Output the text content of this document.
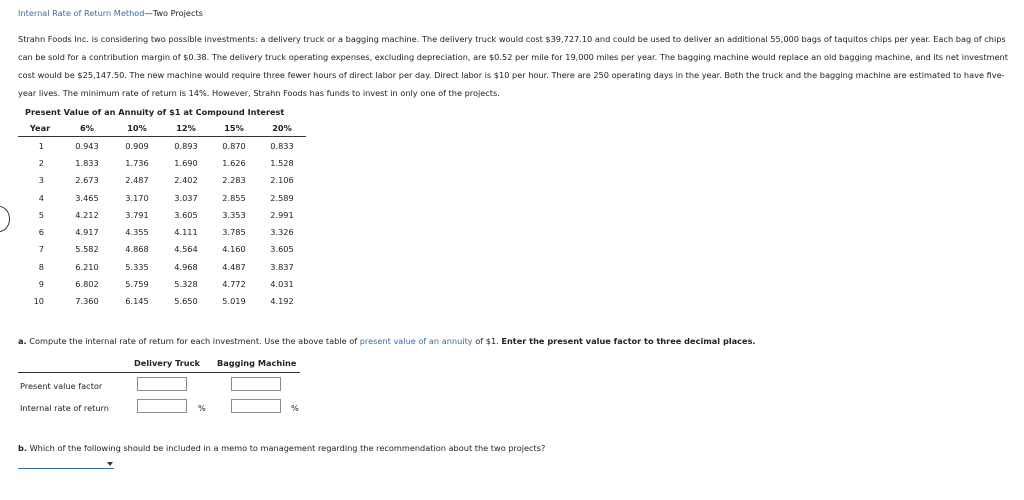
Internal Rate of Return Method—Two Projects
Strahn Foods Inc. is considering two possible investments: a delivery truck or a bagging machine. The delivery truck would cost $39,727.10 and could be used to deliver an additional 55,000 bags of taquitos chips per year. Each bag of chips can be sold for a contribution margin of $0.38. The delivery truck operating expenses, excluding depreciation, are $0.52 per mile for 19,000 miles per year. The bagging machine would replace an old bagging machine, and its net investment cost would be $25,147.50. The new machine would require three fewer hours of direct labor per day. Direct labor is $10 per hour. There are 250 operating days in the year. Both the truck and the bagging machine are estimated to have five-year lives. The minimum rate of return is 14%. However, Strahn Foods has funds to invest in only one of the projects.
Present Value of an Annuity of $1 at Compound Interest
Year	6%	10%	12%	15%	20%
1	0.943	0.909	0.893	0.870	0.833
2	1.833	1.736	1.690	1.626	1.528
3	2.673	2.487	2.402	2.283	2.106
4	3.465	3.170	3.037	2.855	2.589
5	4.212	3.791	3.605	3.353	2.991
6	4.917	4.355	4.111	3.785	3.326
7	5.582	4.868	4.564	4.160	3.605
8	6.210	5.335	4.968	4.487	3.837
9	6.802	5.759	5.328	4.772	4.031
10	7.360	6.145	5.650	5.019	4.192
a. Compute the internal rate of return for each investment. Use the above table of present value of an annuity of $1. Enter the present value factor to three decimal places.
Delivery Truck Bagging Machine
Present value factor
Internal rate of return	%	%
b. Which of the following should be included in a memo to management regarding the recommendation about the two projects?
